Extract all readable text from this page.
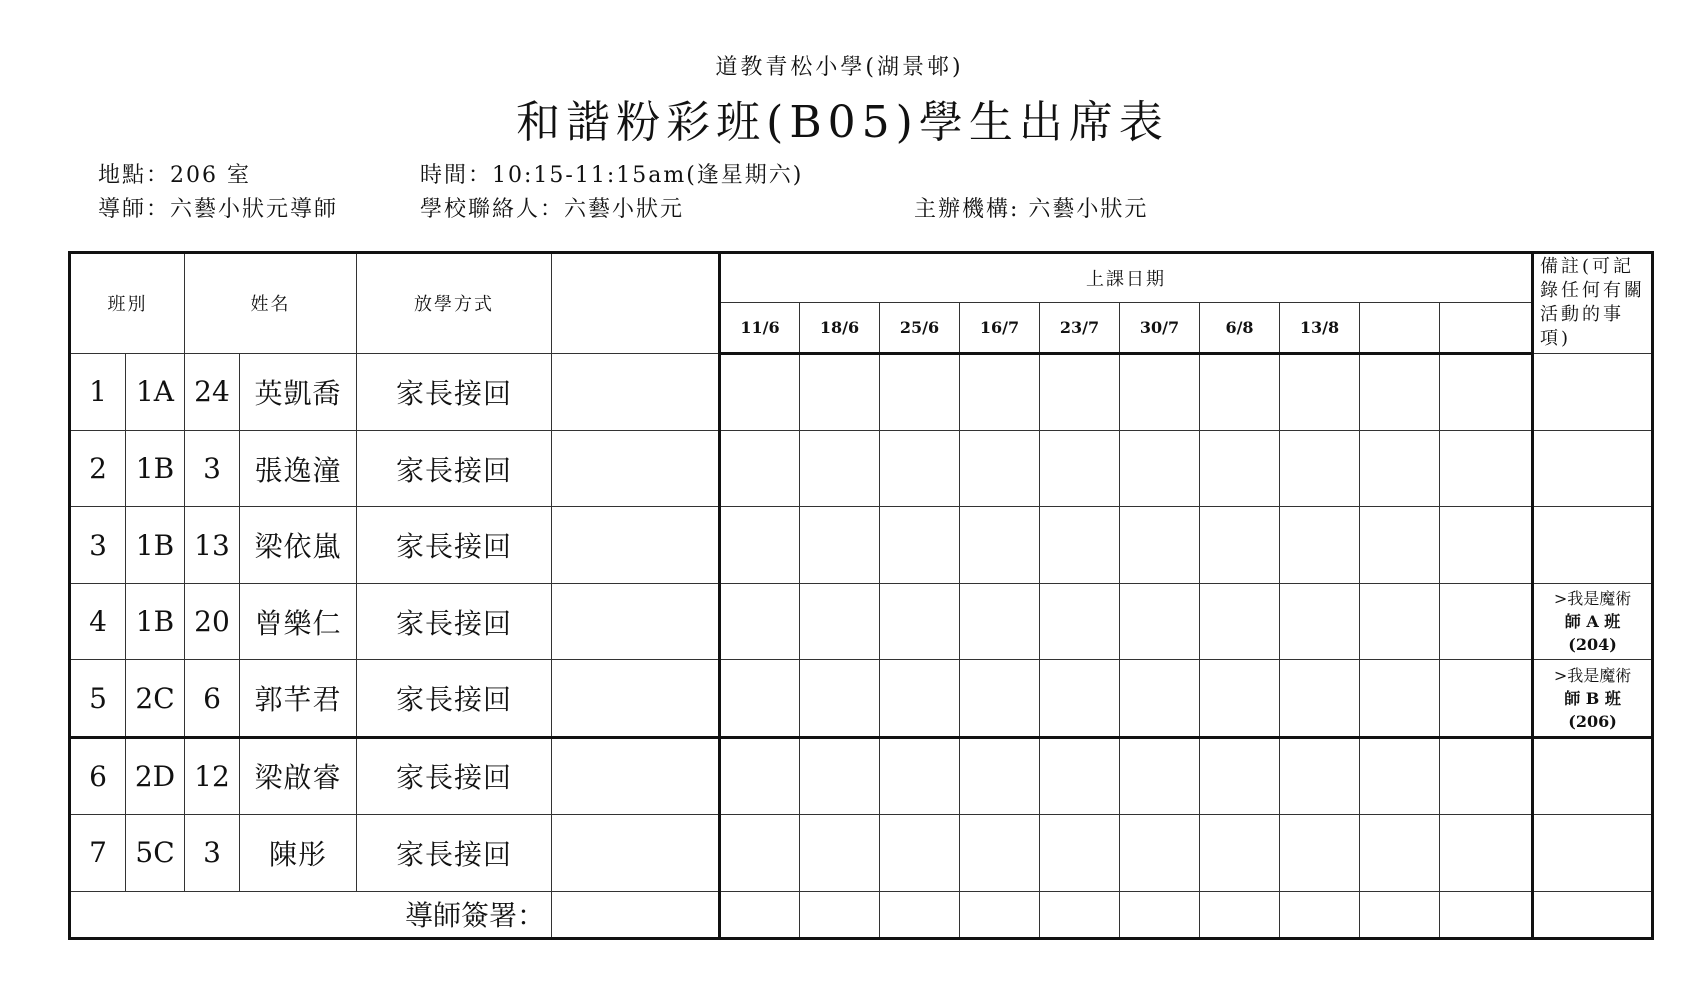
道教青松小學(湖景邨)
和諧粉彩班(B05)學生出席表
地點：206 室	時間：10:15-11:15am(逢星期六)
導師：六藝小狀元導師	學校聯絡人：六藝小狀元	主辦機構: 六藝小狀元
班別		姓名		放學方式		上課日期										備註(可記錄任何有關活動的事項)
						11/6	18/6	25/6	16/7	23/7	30/7	6/8	13/8			
1	1A	24	英凱喬	家長接回												

2	1B	3	張逸潼	家長接回												

3	1B	13	梁依嵐	家長接回												

4	1B	20	曾樂仁	家長接回												>我是魔術
師 A 班
(204)

5	2C	6	郭芊君	家長接回												>我是魔術
師 B 班
(206)

6	2D	12	梁啟睿	家長接回												

7	5C	3	陳彤	家長接回												

導師簽署：																
